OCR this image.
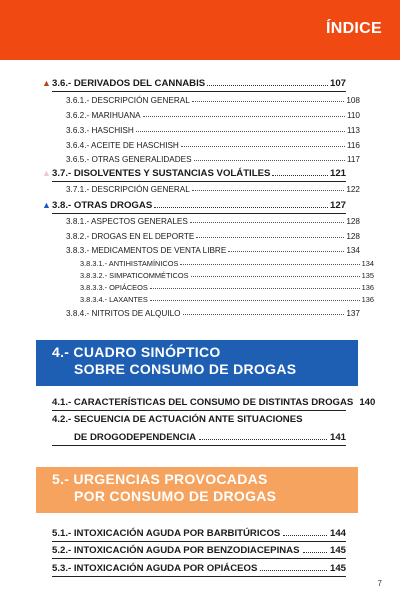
ÍNDICE
▲ 3.6.- DERIVADOS DEL CANNABIS	107
3.6.1.- DESCRIPCIÓN GENERAL	108
3.6.2.- MARIHUANA	110
3.6.3.- HASCHISH	113
3.6.4.- ACEITE DE HASCHISH	116
3.6.5.- OTRAS GENERALIDADES	117
▲ 3.7.- DISOLVENTES Y SUSTANCIAS VOLÁTILES	121
3.7.1.- DESCRIPCIÓN GENERAL	122
▲ 3.8.- OTRAS DROGAS	127
3.8.1.- ASPECTOS GENERALES	128
3.8.2.- DROGAS EN EL DEPORTE	128
3.8.3.- MEDICAMENTOS DE VENTA LIBRE	134
3.8.3.1.- ANTIHISTAMÍNICOS	134
3.8.3.2.- SIMPATICOMMÉTICOS	135
3.8.3.3.- OPIÁCEOS	136
3.8.3.4.- LAXANTES	136
3.8.4.- NITRITOS DE ALQUILO	137
4.- CUADRO SINÓPTICO
SOBRE CONSUMO DE DROGAS
4.1.- CARACTERÍSTICAS DEL CONSUMO DE DISTINTAS DROGAS 140
4.2.- SECUENCIA DE ACTUACIÓN ANTE SITUACIONES
DE DROGODEPENDENCIA	141
5.- URGENCIAS PROVOCADAS
POR CONSUMO DE DROGAS
5.1.- INTOXICACIÓN AGUDA POR BARBITÚRICOS	144
5.2.- INTOXICACIÓN AGUDA POR BENZODIACEPINAS	145
5.3.- INTOXICACIÓN AGUDA POR OPIÁCEOS	145
7
